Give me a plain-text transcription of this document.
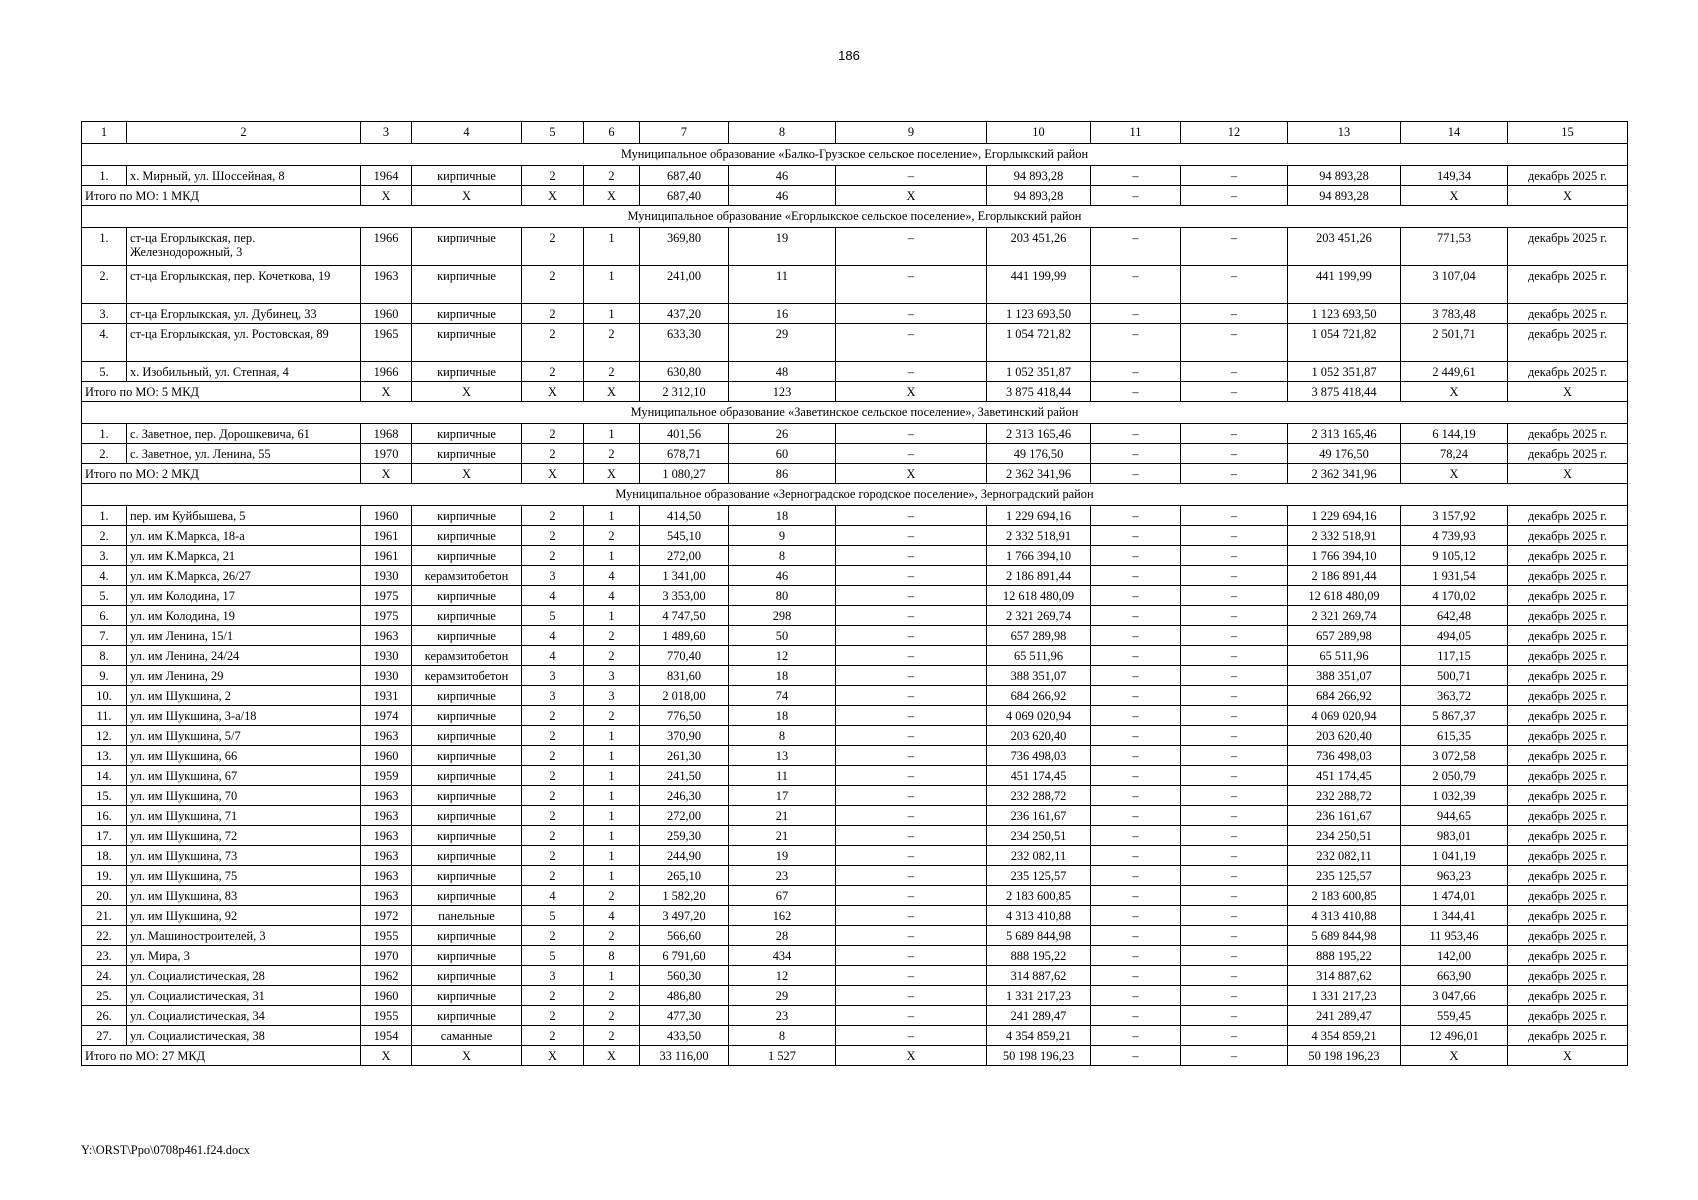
186
1	2	3	4	5	6	7	8	9	10	11	12	13	14	15
Муниципальное образование «Балко-Грузское сельское поселение», Егорлыкский район														
1.	х. Мирный, ул. Шоссейная, 8	1964	кирпичные	2	2	687,40	46	–	94 893,28	–	–	94 893,28	149,34	декабрь 2025 г.
Итого по МО: 1 МКД		X	X	X	X	687,40	46	X	94 893,28	–	–	94 893,28	X	X
Муниципальное образование «Егорлыкское сельское поселение», Егорлыкский район														
1.	ст-ца Егорлыкская, пер. Железнодорожный, 3	1966	кирпичные	2	1	369,80	19	–	203 451,26	–	–	203 451,26	771,53	декабрь 2025 г.
2.	ст-ца Егорлыкская, пер. Кочеткова, 19	1963	кирпичные	2	1	241,00	11	–	441 199,99	–	–	441 199,99	3 107,04	декабрь 2025 г.
3.	ст-ца Егорлыкская, ул. Дубинец, 33	1960	кирпичные	2	1	437,20	16	–	1 123 693,50	–	–	1 123 693,50	3 783,48	декабрь 2025 г.
4.	ст-ца Егорлыкская, ул. Ростовская, 89	1965	кирпичные	2	2	633,30	29	–	1 054 721,82	–	–	1 054 721,82	2 501,71	декабрь 2025 г.
5.	х. Изобильный, ул. Степная, 4	1966	кирпичные	2	2	630,80	48	–	1 052 351,87	–	–	1 052 351,87	2 449,61	декабрь 2025 г.
Итого по МО: 5 МКД		X	X	X	X	2 312,10	123	X	3 875 418,44	–	–	3 875 418,44	X	X
Муниципальное образование «Заветинское сельское поселение», Заветинский район														
1.	с. Заветное, пер. Дорошкевича, 61	1968	кирпичные	2	1	401,56	26	–	2 313 165,46	–	–	2 313 165,46	6 144,19	декабрь 2025 г.
2.	с. Заветное, ул. Ленина, 55	1970	кирпичные	2	2	678,71	60	–	49 176,50	–	–	49 176,50	78,24	декабрь 2025 г.
Итого по МО: 2 МКД		X	X	X	X	1 080,27	86	X	2 362 341,96	–	–	2 362 341,96	X	X
Муниципальное образование «Зерноградское городское поселение», Зерноградский район														
1.	пер. им Куйбышева, 5	1960	кирпичные	2	1	414,50	18	–	1 229 694,16	–	–	1 229 694,16	3 157,92	декабрь 2025 г.
2.	ул. им К.Маркса, 18-а	1961	кирпичные	2	2	545,10	9	–	2 332 518,91	–	–	2 332 518,91	4 739,93	декабрь 2025 г.
3.	ул. им К.Маркса, 21	1961	кирпичные	2	1	272,00	8	–	1 766 394,10	–	–	1 766 394,10	9 105,12	декабрь 2025 г.
4.	ул. им К.Маркса, 26/27	1930	керамзитобетон	3	4	1 341,00	46	–	2 186 891,44	–	–	2 186 891,44	1 931,54	декабрь 2025 г.
5.	ул. им Колодина, 17	1975	кирпичные	4	4	3 353,00	80	–	12 618 480,09	–	–	12 618 480,09	4 170,02	декабрь 2025 г.
6.	ул. им Колодина, 19	1975	кирпичные	5	1	4 747,50	298	–	2 321 269,74	–	–	2 321 269,74	642,48	декабрь 2025 г.
7.	ул. им Ленина, 15/1	1963	кирпичные	4	2	1 489,60	50	–	657 289,98	–	–	657 289,98	494,05	декабрь 2025 г.
8.	ул. им Ленина, 24/24	1930	керамзитобетон	4	2	770,40	12	–	65 511,96	–	–	65 511,96	117,15	декабрь 2025 г.
9.	ул. им Ленина, 29	1930	керамзитобетон	3	3	831,60	18	–	388 351,07	–	–	388 351,07	500,71	декабрь 2025 г.
10.	ул. им Шукшина, 2	1931	кирпичные	3	3	2 018,00	74	–	684 266,92	–	–	684 266,92	363,72	декабрь 2025 г.
11.	ул. им Шукшина, 3-а/18	1974	кирпичные	2	2	776,50	18	–	4 069 020,94	–	–	4 069 020,94	5 867,37	декабрь 2025 г.
12.	ул. им Шукшина, 5/7	1963	кирпичные	2	1	370,90	8	–	203 620,40	–	–	203 620,40	615,35	декабрь 2025 г.
13.	ул. им Шукшина, 66	1960	кирпичные	2	1	261,30	13	–	736 498,03	–	–	736 498,03	3 072,58	декабрь 2025 г.
14.	ул. им Шукшина, 67	1959	кирпичные	2	1	241,50	11	–	451 174,45	–	–	451 174,45	2 050,79	декабрь 2025 г.
15.	ул. им Шукшина, 70	1963	кирпичные	2	1	246,30	17	–	232 288,72	–	–	232 288,72	1 032,39	декабрь 2025 г.
16.	ул. им Шукшина, 71	1963	кирпичные	2	1	272,00	21	–	236 161,67	–	–	236 161,67	944,65	декабрь 2025 г.
17.	ул. им Шукшина, 72	1963	кирпичные	2	1	259,30	21	–	234 250,51	–	–	234 250,51	983,01	декабрь 2025 г.
18.	ул. им Шукшина, 73	1963	кирпичные	2	1	244,90	19	–	232 082,11	–	–	232 082,11	1 041,19	декабрь 2025 г.
19.	ул. им Шукшина, 75	1963	кирпичные	2	1	265,10	23	–	235 125,57	–	–	235 125,57	963,23	декабрь 2025 г.
20.	ул. им Шукшина, 83	1963	кирпичные	4	2	1 582,20	67	–	2 183 600,85	–	–	2 183 600,85	1 474,01	декабрь 2025 г.
21.	ул. им Шукшина, 92	1972	панельные	5	4	3 497,20	162	–	4 313 410,88	–	–	4 313 410,88	1 344,41	декабрь 2025 г.
22.	ул. Машиностроителей, 3	1955	кирпичные	2	2	566,60	28	–	5 689 844,98	–	–	5 689 844,98	11 953,46	декабрь 2025 г.
23.	ул. Мира, 3	1970	кирпичные	5	8	6 791,60	434	–	888 195,22	–	–	888 195,22	142,00	декабрь 2025 г.
24.	ул. Социалистическая, 28	1962	кирпичные	3	1	560,30	12	–	314 887,62	–	–	314 887,62	663,90	декабрь 2025 г.
25.	ул. Социалистическая, 31	1960	кирпичные	2	2	486,80	29	–	1 331 217,23	–	–	1 331 217,23	3 047,66	декабрь 2025 г.
26.	ул. Социалистическая, 34	1955	кирпичные	2	2	477,30	23	–	241 289,47	–	–	241 289,47	559,45	декабрь 2025 г.
27.	ул. Социалистическая, 38	1954	саманные	2	2	433,50	8	–	4 354 859,21	–	–	4 354 859,21	12 496,01	декабрь 2025 г.
Итого по МО: 27 МКД		X	X	X	X	33 116,00	1 527	X	50 198 196,23	–	–	50 198 196,23	X	X
Y:\ORST\Ppo\0708p461.f24.docx
